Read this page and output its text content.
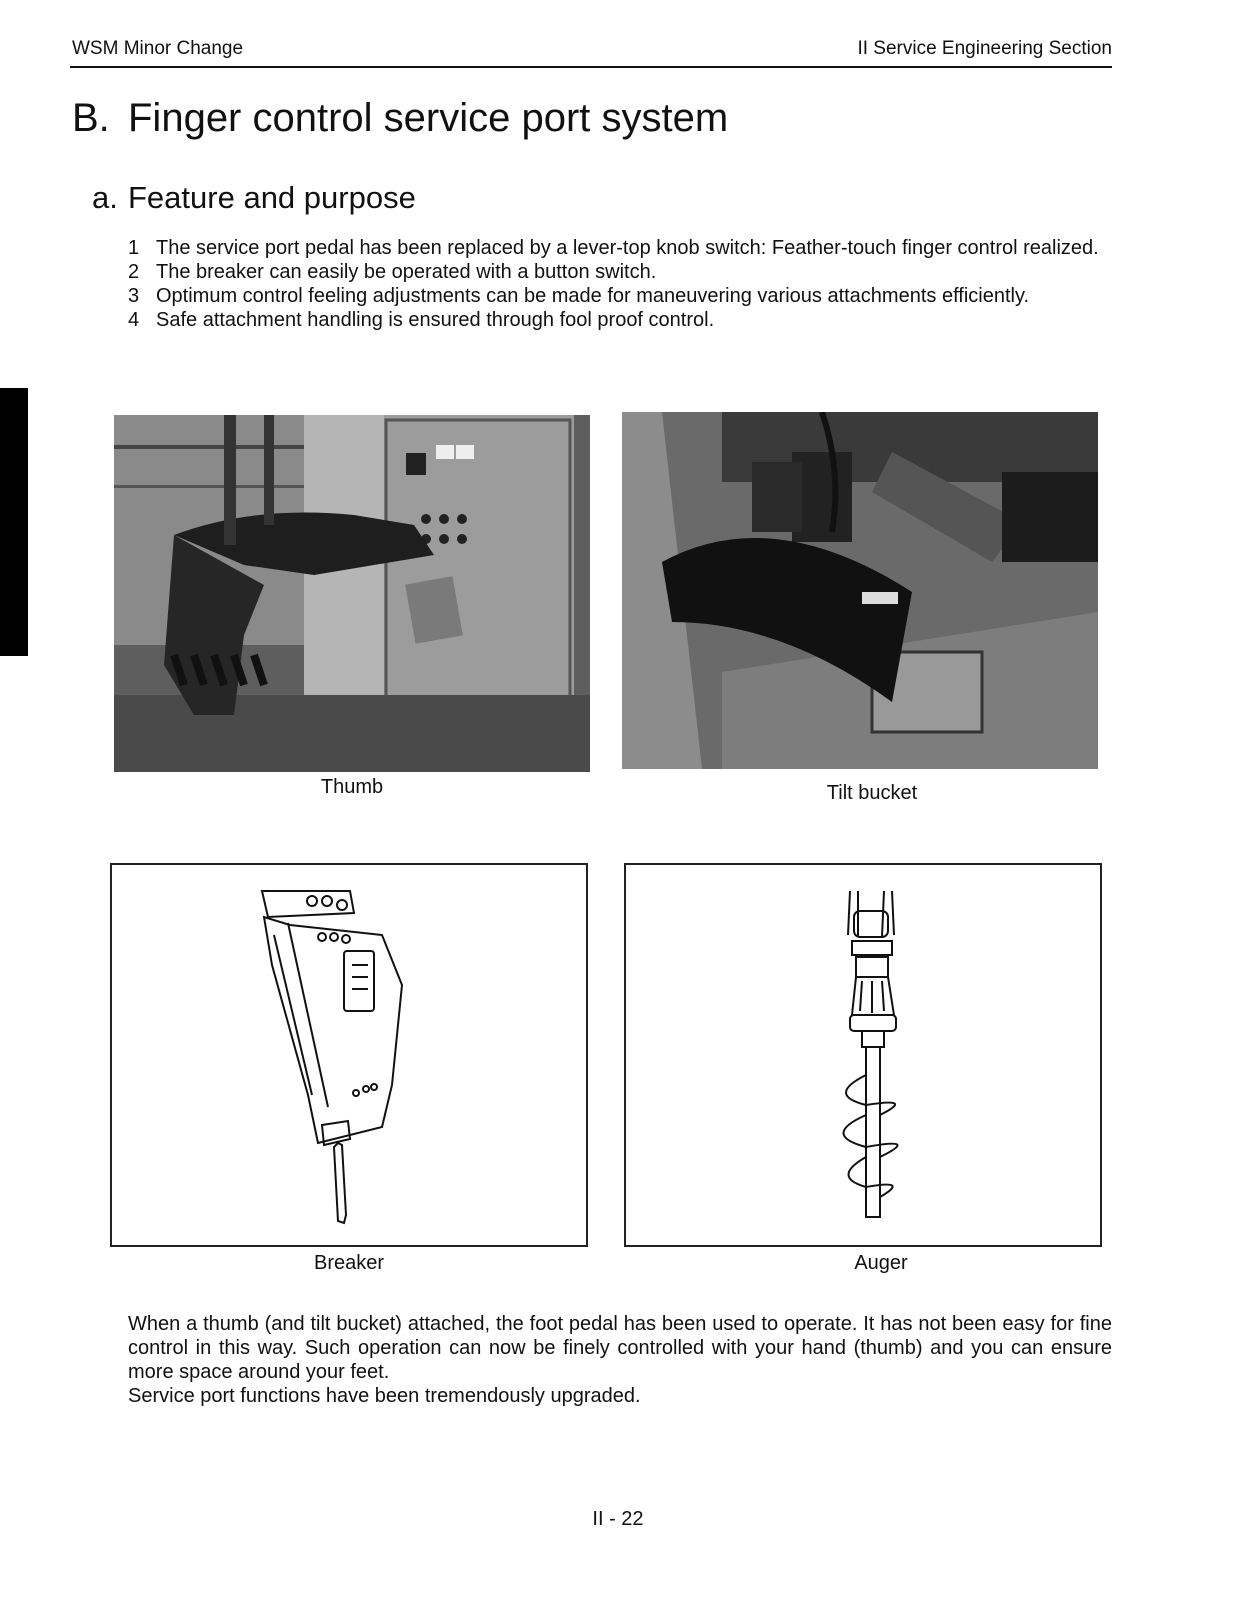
WSM Minor Change	II Service Engineering Section
B. Finger control service port system
a. Feature and purpose
1 The service port pedal has been replaced by a lever-top knob switch: Feather-touch finger control realized.
2 The breaker can easily be operated with a button switch.
3 Optimum control feeling adjustments can be made for maneuvering various attachments efficiently.
4 Safe attachment handling is ensured through fool proof control.
Thumb	Tilt bucket
Breaker	Auger

When a thumb (and tilt bucket) attached, the foot pedal has been used to operate. It has not been easy for fine control in this way. Such operation can now be finely controlled with your hand (thumb) and you can ensure more space around your feet.

Service port functions have been tremendously upgraded.

II - 22
